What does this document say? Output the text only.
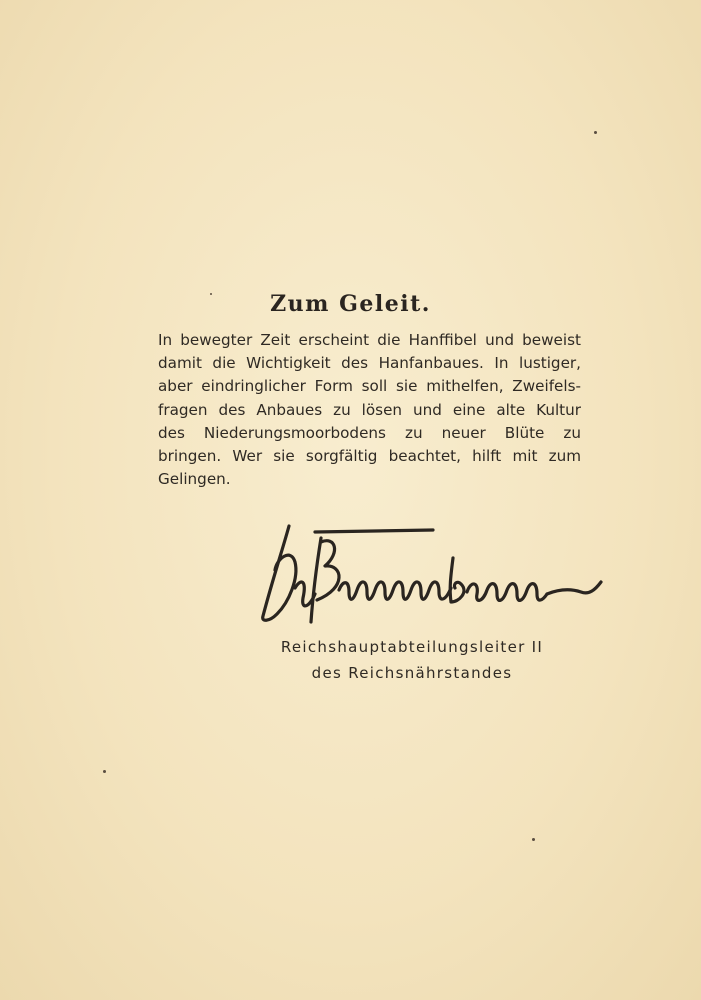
Zum Geleit.
In bewegter Zeit erscheint die Hanffibel und beweist
damit die Wichtigkeit des Hanfanbaues. In lustiger,
aber eindringlicher Form soll sie mithelfen, Zweifels-
fragen des Anbaues zu lösen und eine alte Kultur
des Niederungsmoorbodens zu neuer Blüte zu
bringen. Wer sie sorgfältig beachtet, hilft mit zum
Gelingen.
Reichshauptabteilungsleiter II
des Reichsnährstandes
